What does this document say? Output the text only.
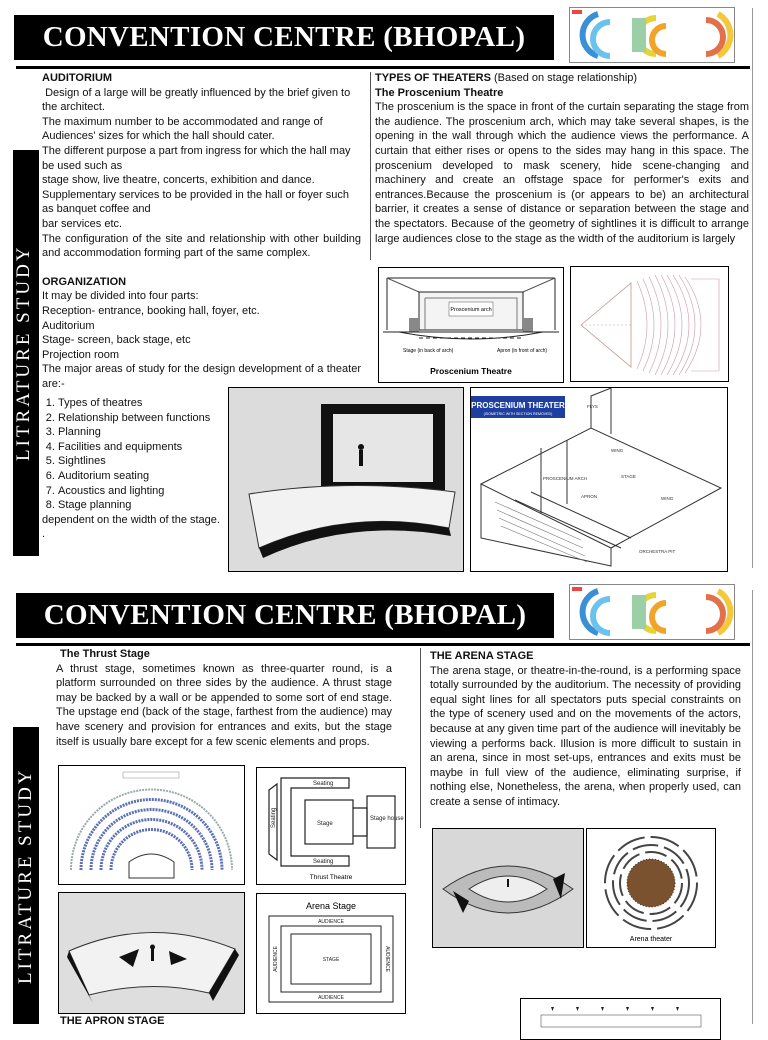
CONVENTION CENTRE (BHOPAL)
LITRATURE STUDY

AUDITORIUM

Design of a large will be greatly influenced by the brief given to the architect.

The maximum number to be accommodated and range of Audiences' sizes for which the hall should cater.

The different purpose a part from ingress for which the hall may be used such as

stage show, live theatre, concerts, exhibition and dance.

Supplementary services to be provided in the hall or foyer such as banquet coffee and

bar services etc.

The configuration of the site and relationship with other building and accommodation forming part of the same complex.

ORGANIZATION

It may be divided into four parts:

Reception- entrance, booking hall, foyer, etc.

Auditorium

Stage- screen, back stage, etc

Projection room

The major areas of study for the design development of a theater are:-

1. Types of theatres
2. Relationship between functions
3. Planning
4. Facilities and equipments
5. Sightlines
6. Auditorium seating
7. Acoustics and lighting
8. Stage planning

dependent on the width of the stage.

.

TYPES OF THEATERS (Based on stage relationship)

The Proscenium Theatre

The proscenium is the space in front of the curtain separating the stage from the audience. The proscenium arch, which may take several shapes, is the opening in the wall through which the audience views the performance. A curtain that either rises or opens to the sides may hang in this space. The proscenium developed to mask scenery, hide scene-changing and machinery and create an offstage space for performer's exits and entrances.Because the proscenium is (or appears to be) an architectural barrier, it creates a sense of distance or separation between the stage and the spectators. Because of the geometry of sightlines it is difficult to arrange large audiences close to the stage as the width of the auditorium is largely

Proscenium arch
Stage (in back of arch)	Apron (in front of arch)
Proscenium Theatre
PROSCENIUM THEATER
(ISOMETRIC WITH SECTION REMOVED)
FLYS
WING
PROSCENIUM ARCH	STAGE
APRON	WING
ORCHESTRA PIT
CONVENTION CENTRE (BHOPAL)
LITRATURE STUDY

The Thrust Stage

A thrust stage, sometimes known as three-quarter round, is a platform surrounded on three sides by the audience. A thrust stage may be backed by a wall or be appended to some sort of end stage. The upstage end (back of the stage, farthest from the audience) may have scenery and provision for entrances and exits, but the stage itself is usually bare except for a few scenic elements and props.

THE ARENA STAGE

The arena stage, or theatre-in-the-round, is a performing space totally surrounded by the auditorium. The necessity of providing equal sight lines for all spectators puts special constraints on the type of scenery used and on the movements of the actors, because at any given time part of the audience will inevitably be viewing a performs back. Illusion is more difficult to sustain in an arena, since in most set-ups, entrances and exits must be maybe in full view of the audience, eliminating surprise, if nothing else, Nonetheless, the arena, when properly used, can create a sense of intimacy.

Seating
Seating	Stage
Seating
Stage house
Thrust Theatre
Arena theater
Arena Stage
AUDIENCE
AUDIENCE
AUDIENCE	AUDIENCE
STAGE
THE APRON STAGE
